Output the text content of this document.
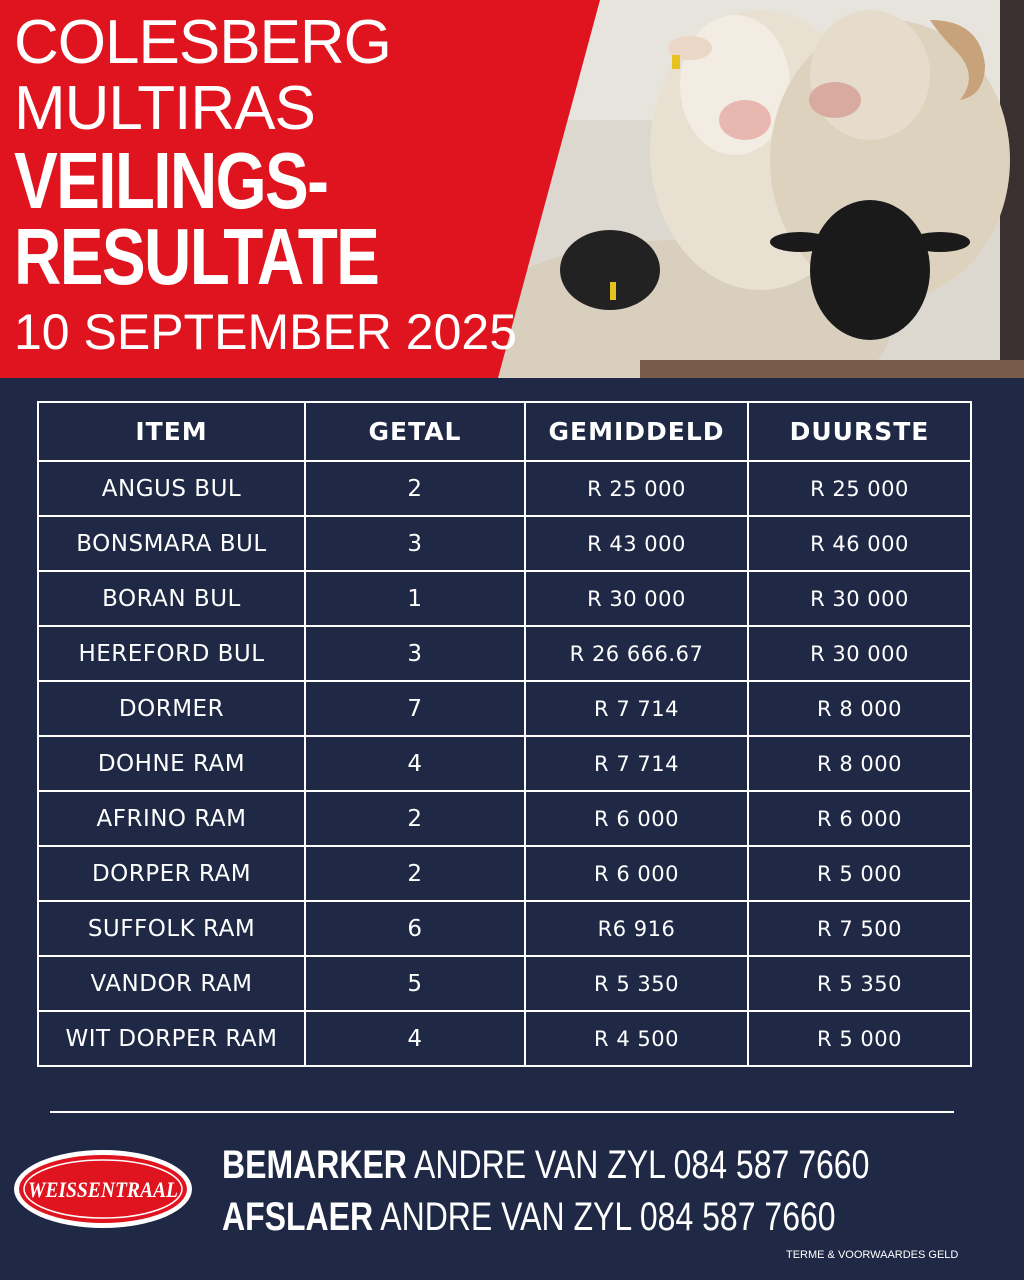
COLESBERG
MULTIRAS
VEILINGS-
RESULTATE
10 SEPTEMBER 2025
ITEM	GETAL	GEMIDDELD	DUURSTE
ANGUS BUL	2	R 25 000	R 25 000
BONSMARA BUL	3	R 43 000	R 46 000
BORAN BUL	1	R 30 000	R 30 000
HEREFORD BUL	3	R 26 666.67	R 30 000
DORMER	7	R 7 714	R 8 000
DOHNE RAM	4	R 7 714	R 8 000
AFRINO RAM	2	R 6 000	R 6 000
DORPER RAM	2	R 6 000	R 5 000
SUFFOLK RAM	6	R6 916	R 7 500
VANDOR RAM	5	R 5 350	R 5 350
WIT DORPER RAM	4	R 4 500	R 5 000
WEISSENTRAAL
BEMARKER ANDRE VAN ZYL 084 587 7660
AFSLAER ANDRE VAN ZYL 084 587 7660
TERME & VOORWAARDES GELD
